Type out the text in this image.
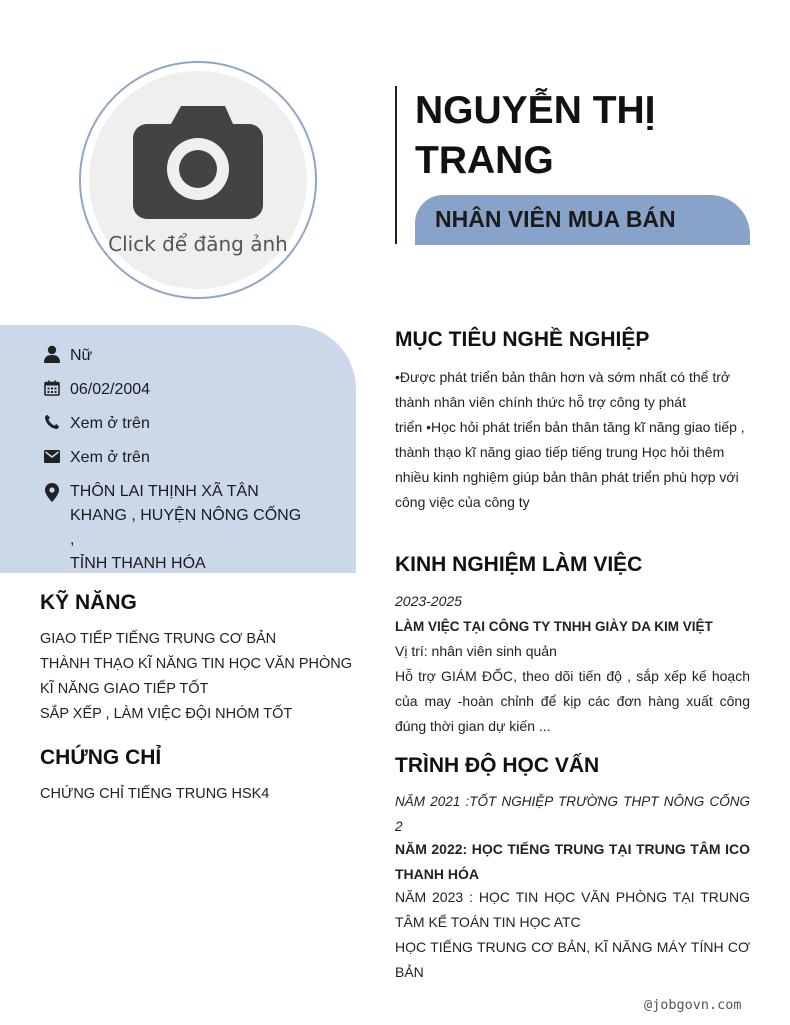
Click để đăng ảnh
NGUYỄN THỊ
TRANG
NHÂN VIÊN MUA BÁN
Nữ
06/02/2004
Xem ở trên
Xem ở trên
THÔN LAI THỊNH XÃ TÂN
KHANG , HUYỆN NÔNG CỐNG ,
TỈNH THANH HÓA
KỸ NĂNG
GIAO TIẾP TIẾNG TRUNG CƠ BẢN
THÀNH THẠO KĨ NĂNG TIN HỌC VĂN PHÒNG
KĨ NĂNG GIAO TIẾP TỐT
SẮP XẾP , LÀM VIỆC ĐỘI NHÓM TỐT
CHỨNG CHỈ
CHỨNG CHỈ TIẾNG TRUNG HSK4
MỤC TIÊU NGHỀ NGHIỆP
•Được phát triển bản thân hơn và sớm nhất có thể trở
thành nhân viên chính thức hỗ trợ công ty phát
triển •Học hỏi phát triển bản thân tăng kĩ năng giao tiếp ,
thành thạo kĩ năng giao tiếp tiếng trung Học hỏi thêm
nhiều kinh nghiệm giúp bản thân phát triển phù hợp với
công việc của công ty
KINH NGHIỆM LÀM VIỆC
2023-2025
LÀM VIỆC TẠI CÔNG TY TNHH GIÀY DA KIM VIỆT
Vị trí: nhân viên sinh quản
Hỗ trợ GIÁM ĐỐC, theo dõi tiến độ , sắp xếp kế hoạch của may -hoàn chỉnh để kịp các đơn hàng xuất công đúng thời gian dự kiến ...
TRÌNH ĐỘ HỌC VẤN
NĂM 2021 :TỐT NGHIỆP TRƯỜNG THPT NÔNG CỐNG 2
NĂM 2022: HỌC TIẾNG TRUNG TẠI TRUNG TÂM ICO THANH HÓA
NĂM 2023 : HỌC TIN HỌC VĂN PHÒNG TẠI TRUNG TÂM KẾ TOÁN TIN HỌC ATC
HỌC TIẾNG TRUNG CƠ BẢN, KĨ NĂNG MÁY TÍNH CƠ BẢN
@jobgovn.com
